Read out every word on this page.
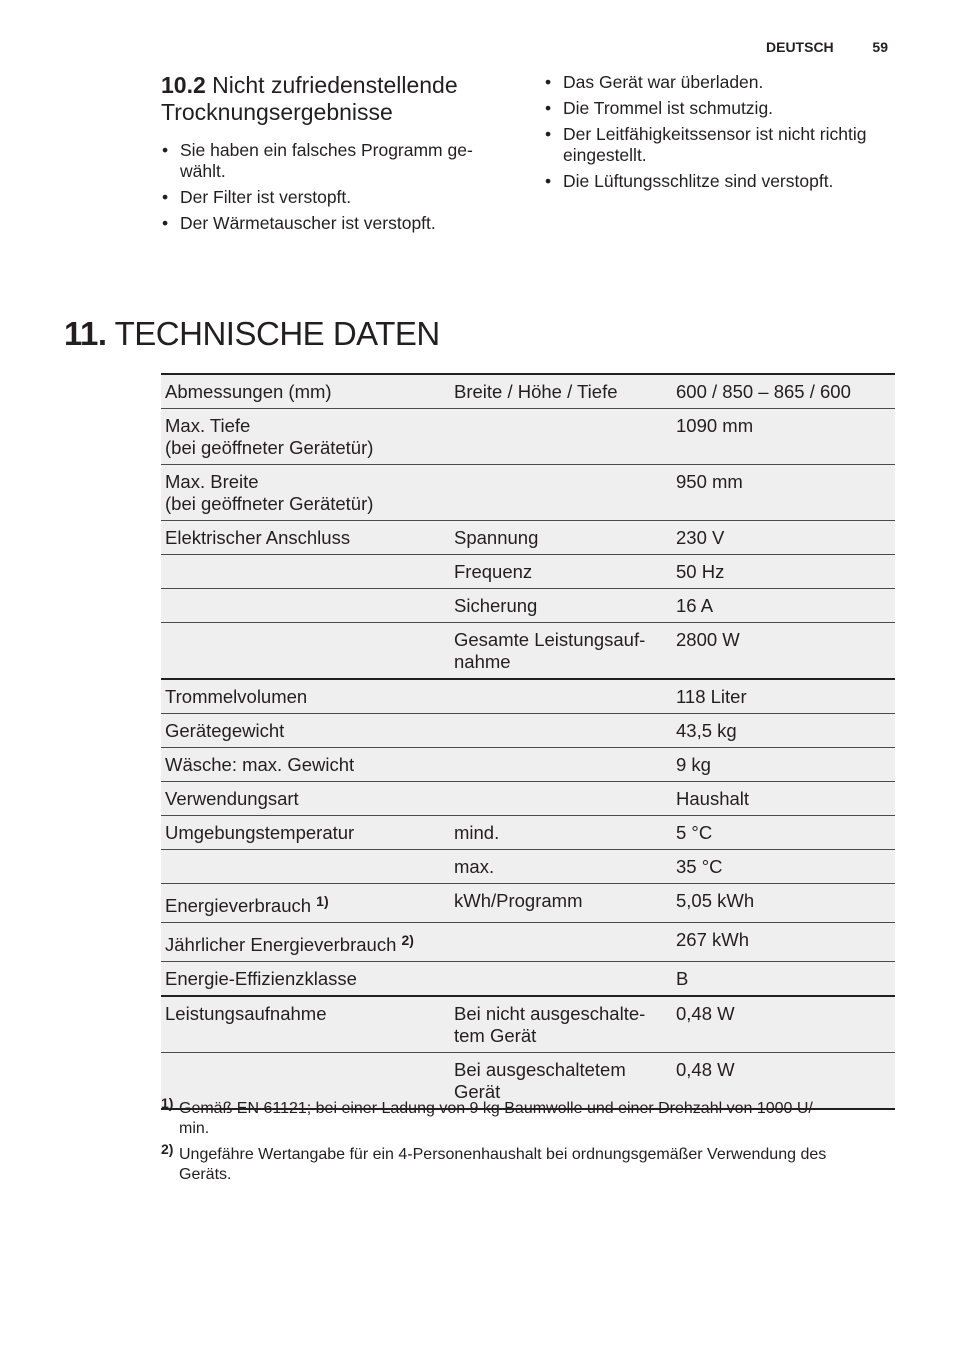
DEUTSCH	59
10.2 Nicht zufriedenstellende Trocknungsergebnisse
• Sie haben ein falsches Programm ge-wählt.
• Der Filter ist verstopft.
• Der Wärmetauscher ist verstopft.
• Das Gerät war überladen.
• Die Trommel ist schmutzig.
• Der Leitfähigkeitssensor ist nicht richtig eingestellt.
• Die Lüftungsschlitze sind verstopft.
11. TECHNISCHE DATEN
Abmessungen (mm)	Breite / Höhe / Tiefe	600 / 850 – 865 / 600
Max. Tiefe
(bei geöffneter Gerätetür)		1090 mm
Max. Breite
(bei geöffneter Gerätetür)		950 mm
Elektrischer Anschluss	Spannung	230 V
	Frequenz	50 Hz
	Sicherung	16 A
	Gesamte Leistungsauf-
nahme	2800 W
Trommelvolumen		118 Liter
Gerätegewicht		43,5 kg
Wäsche: max. Gewicht		9 kg
Verwendungsart		Haushalt
Umgebungstemperatur	mind.	5 °C
	max.	35 °C
Energieverbrauch $^{1)}$	kWh/Programm	5,05 kWh
Jährlicher Energieverbrauch $^{2)}$		267 kWh
Energie-Effizienzklasse		B
Leistungsaufnahme	Bei nicht ausgeschalte-
tem Gerät	0,48 W
	Bei ausgeschaltetem
Gerät	0,48 W
1) Gemäß EN 61121; bei einer Ladung von 9 kg Baumwolle und einer Drehzahl von 1000 U/
min.
2) Ungefähre Wertangabe für ein 4-Personenhaushalt bei ordnungsgemäßer Verwendung des
Geräts.
